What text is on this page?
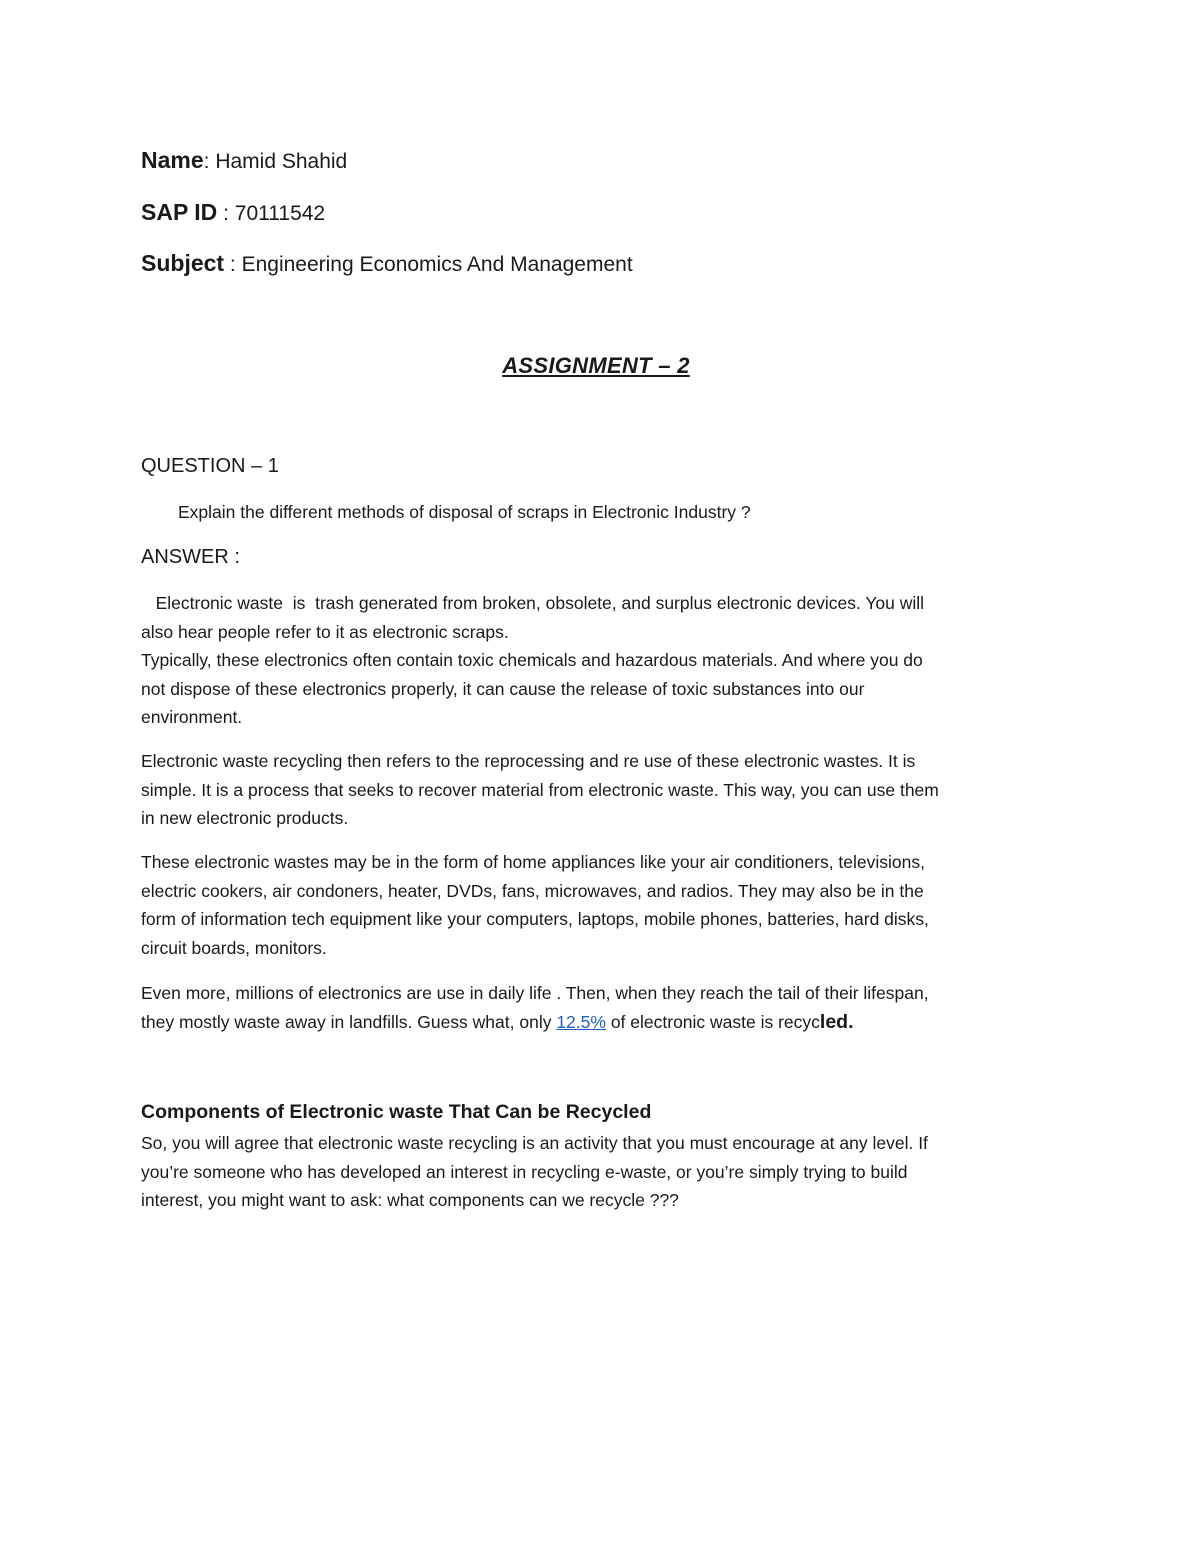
Name: Hamid Shahid
SAP ID : 70111542
Subject : Engineering Economics And Management
ASSIGNMENT – 2
QUESTION – 1
Explain the different methods of disposal of scraps in Electronic Industry ?
ANSWER :
Electronic waste  is  trash generated from broken, obsolete, and surplus electronic devices. You will
also hear people refer to it as electronic scraps.
Typically, these electronics often contain toxic chemicals and hazardous materials. And where you do
not dispose of these electronics properly, it can cause the release of toxic substances into our
environment.
Electronic waste recycling then refers to the reprocessing and re use of these electronic wastes. It is
simple. It is a process that seeks to recover material from electronic waste. This way, you can use them
in new electronic products.
These electronic wastes may be in the form of home appliances like your air conditioners, televisions,
electric cookers, air condoners, heater, DVDs, fans, microwaves, and radios. They may also be in the
form of information tech equipment like your computers, laptops, mobile phones, batteries, hard disks,
circuit boards, monitors.
Even more, millions of electronics are use in daily life . Then, when they reach the tail of their lifespan,
they mostly waste away in landfills. Guess what, only 12.5% of electronic waste is recycled.
Components of Electronic waste That Can be Recycled
So, you will agree that electronic waste recycling is an activity that you must encourage at any level. If
you’re someone who has developed an interest in recycling e-waste, or you’re simply trying to build
interest, you might want to ask: what components can we recycle ???
